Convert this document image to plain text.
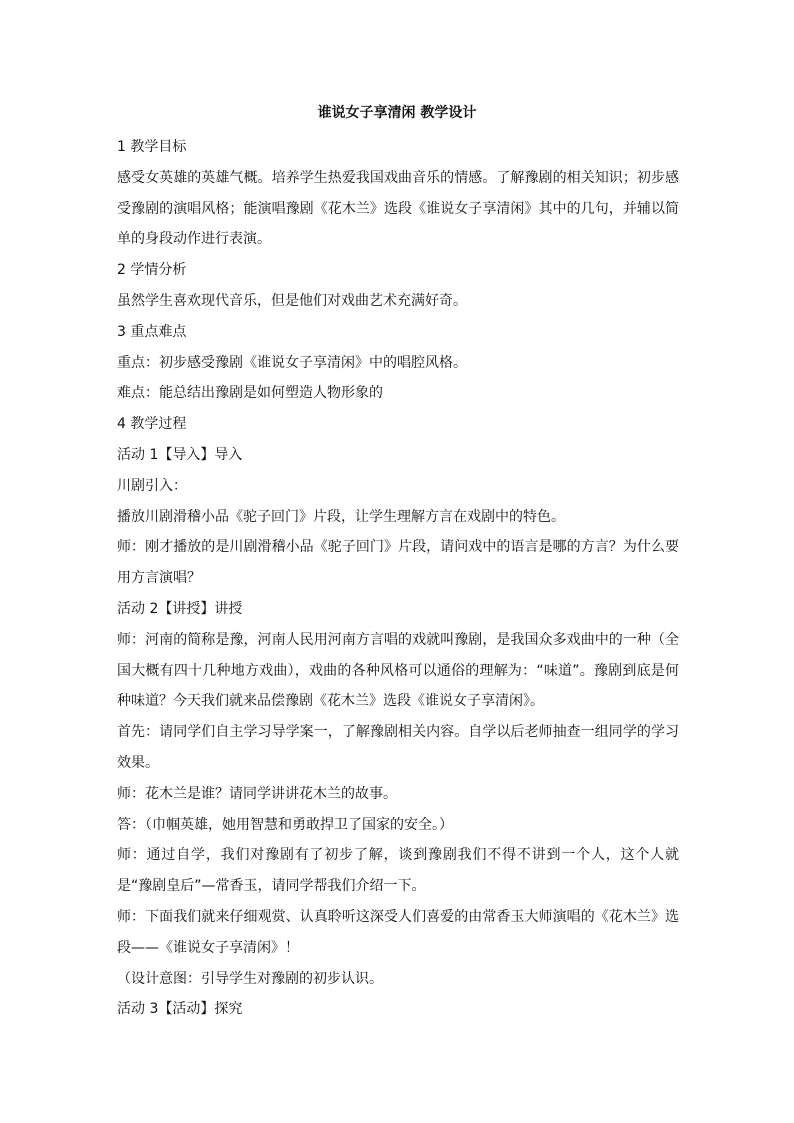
谁说女子享清闲 教学设计

1 教学目标

感受女英雄的英雄气概。培养学生热爱我国戏曲音乐的情感。了解豫剧的相关知识；初步感受豫剧的演唱风格；能演唱豫剧《花木兰》选段《谁说女子享清闲》其中的几句，并辅以简单的身段动作进行表演。

2 学情分析

虽然学生喜欢现代音乐，但是他们对戏曲艺术充满好奇。

3 重点难点

重点：初步感受豫剧《谁说女子享清闲》中的唱腔风格。

难点：能总结出豫剧是如何塑造人物形象的

4 教学过程

活动 1【导入】导入

川剧引入：

播放川剧滑稽小品《驼子回门》片段，让学生理解方言在戏剧中的特色。

师：刚才播放的是川剧滑稽小品《驼子回门》片段，请问戏中的语言是哪的方言？为什么要用方言演唱？

活动 2【讲授】讲授

师：河南的简称是豫，河南人民用河南方言唱的戏就叫豫剧，是我国众多戏曲中的一种（全国大概有四十几种地方戏曲），戏曲的各种风格可以通俗的理解为：“味道”。豫剧到底是何种味道？今天我们就来品偿豫剧《花木兰》选段《谁说女子享清闲》。

首先：请同学们自主学习导学案一，了解豫剧相关内容。自学以后老师抽查一组同学的学习效果。

师：花木兰是谁？请同学讲讲花木兰的故事。

答：（巾帼英雄，她用智慧和勇敢捍卫了国家的安全。）

师：通过自学，我们对豫剧有了初步了解，谈到豫剧我们不得不讲到一个人，这个人就是“豫剧皇后”—常香玉，请同学帮我们介绍一下。

师：下面我们就来仔细观赏、认真聆听这深受人们喜爱的由常香玉大师演唱的《花木兰》选段——《谁说女子享清闲》！

（设计意图：引导学生对豫剧的初步认识。

活动 3【活动】探究
